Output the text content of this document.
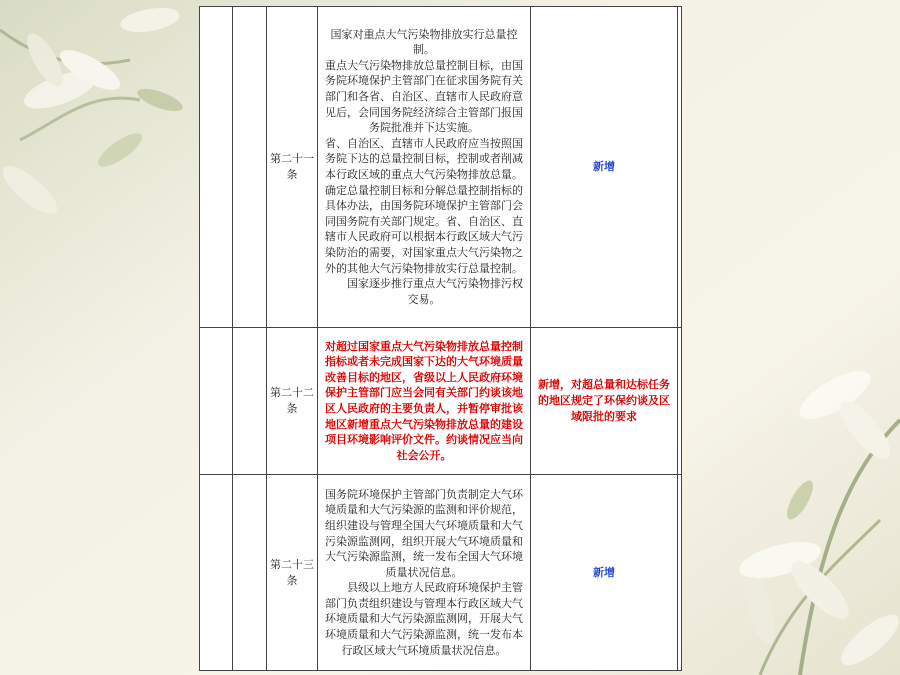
		第二十一条	国家对重点大气污染物排放实行总量控制。
重点大气污染物排放总量控制目标，由国务院环境保护主管部门在征求国务院有关部门和各省、自治区、直辖市人民政府意见后，会同国务院经济综合主管部门报国务院批准并下达实施。
省、自治区、直辖市人民政府应当按照国务院下达的总量控制目标，控制或者削减本行政区域的重点大气污染物排放总量。
确定总量控制目标和分解总量控制指标的具体办法，由国务院环境保护主管部门会同国务院有关部门规定。省、自治区、直辖市人民政府可以根据本行政区域大气污染防治的需要，对国家重点大气污染物之外的其他大气污染物排放实行总量控制。
国家逐步推行重点大气污染物排污权交易。	新增	
		第二十二条	对超过国家重点大气污染物排放总量控制指标或者未完成国家下达的大气环境质量改善目标的地区，省级以上人民政府环境保护主管部门应当会同有关部门约谈该地区人民政府的主要负责人，并暂停审批该地区新增重点大气污染物排放总量的建设项目环境影响评价文件。约谈情况应当向社会公开。	新增，对超总量和达标任务的地区规定了环保约谈及区域限批的要求	
		第二十三条	国务院环境保护主管部门负责制定大气环境质量和大气污染源的监测和评价规范，组织建设与管理全国大气环境质量和大气污染源监测网，组织开展大气环境质量和大气污染源监测，统一发布全国大气环境质量状况信息。
县级以上地方人民政府环境保护主管部门负责组织建设与管理本行政区域大气环境质量和大气污染源监测网，开展大气环境质量和大气污染源监测，统一发布本行政区域大气环境质量状况信息。	新增	
